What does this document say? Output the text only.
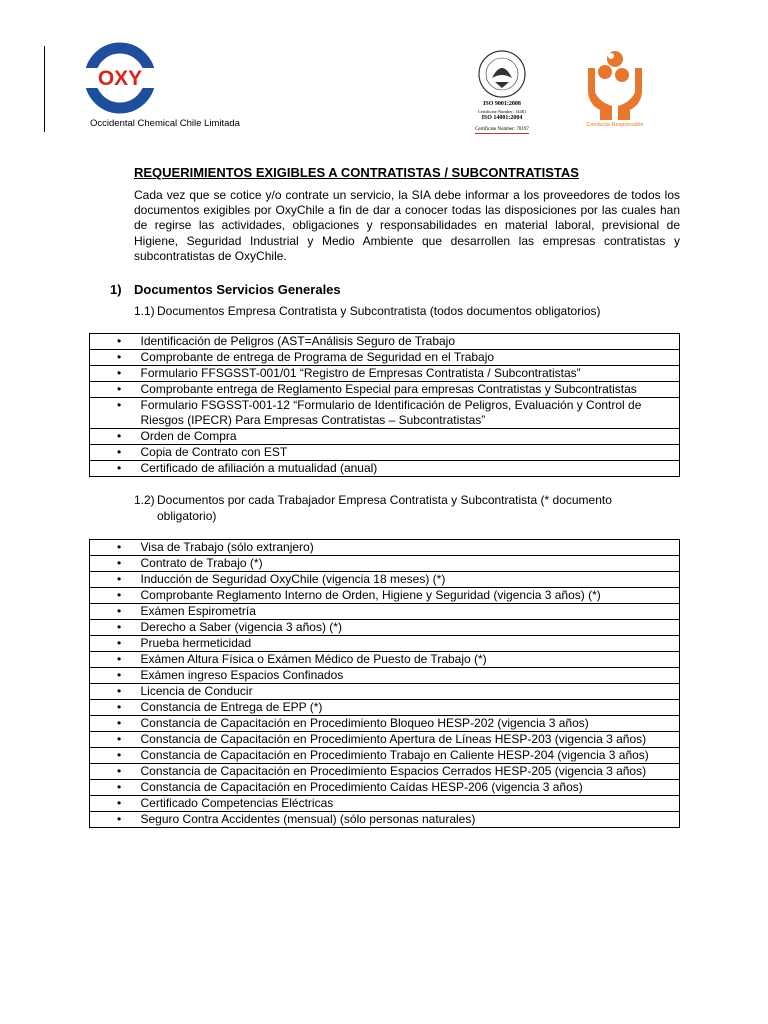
OXY
Occidental Chemical Chile Limitada
ISO 9001:2008
Certificate Number: 14481
ISO 14001:2004
Certificate Number: 70197
Conducta Responsable
REQUERIMIENTOS EXIGIBLES A CONTRATISTAS / SUBCONTRATISTAS
Cada vez que se cotice y/o contrate un servicio, la SIA debe informar a los proveedores de todos los documentos exigibles por OxyChile a fin de dar a conocer todas las disposiciones por las cuales han de regirse las actividades, obligaciones y responsabilidades en material laboral, previsional de Higiene, Seguridad Industrial y Medio Ambiente que desarrollen las empresas contratistas y subcontratistas de OxyChile.
1) Documentos Servicios Generales
1.1) Documentos Empresa Contratista y Subcontratista (todos documentos obligatorios)
•	Identificación de Peligros (AST=Análisis Seguro de Trabajo
•	Comprobante de entrega de Programa de Seguridad en el Trabajo
•	Formulario FFSGSST-001/01 “Registro de Empresas Contratista / Subcontratistas”
•	Comprobante entrega de Reglamento Especial para empresas Contratistas y Subcontratistas
•	Formulario FSGSST-001-12 “Formulario de Identificación de Peligros, Evaluación y Control de Riesgos (IPECR) Para Empresas Contratistas – Subcontratistas”
•	Orden de Compra
•	Copia de Contrato con EST
•	Certificado de afiliación a mutualidad (anual)
1.2) Documentos por cada Trabajador Empresa Contratista y Subcontratista (* documento obligatorio)
•	Visa de Trabajo (sólo extranjero)
•	Contrato de Trabajo (*)
•	Inducción de Seguridad OxyChile (vigencia 18 meses) (*)
•	Comprobante Reglamento Interno de Orden, Higiene y Seguridad (vigencia 3 años) (*)
•	Exámen Espirometría
•	Derecho a Saber (vigencia 3 años) (*)
•	Prueba hermeticidad
•	Exámen Altura Física o Exámen Médico de Puesto de Trabajo (*)
•	Exámen ingreso Espacios Confinados
•	Licencia de Conducir
•	Constancia de Entrega de EPP (*)
•	Constancia de Capacitación en Procedimiento Bloqueo HESP-202 (vigencia 3 años)
•	Constancia de Capacitación en Procedimiento Apertura de Líneas HESP-203 (vigencia 3 años)
•	Constancia de Capacitación en Procedimiento Trabajo en Caliente HESP-204 (vigencia 3 años)
•	Constancia de Capacitación en Procedimiento Espacios Cerrados HESP-205 (vigencia 3 años)
•	Constancia de Capacitación en Procedimiento Caídas HESP-206 (vigencia 3 años)
•	Certificado Competencias Eléctricas
•	Seguro Contra Accidentes (mensual) (sólo personas naturales)
